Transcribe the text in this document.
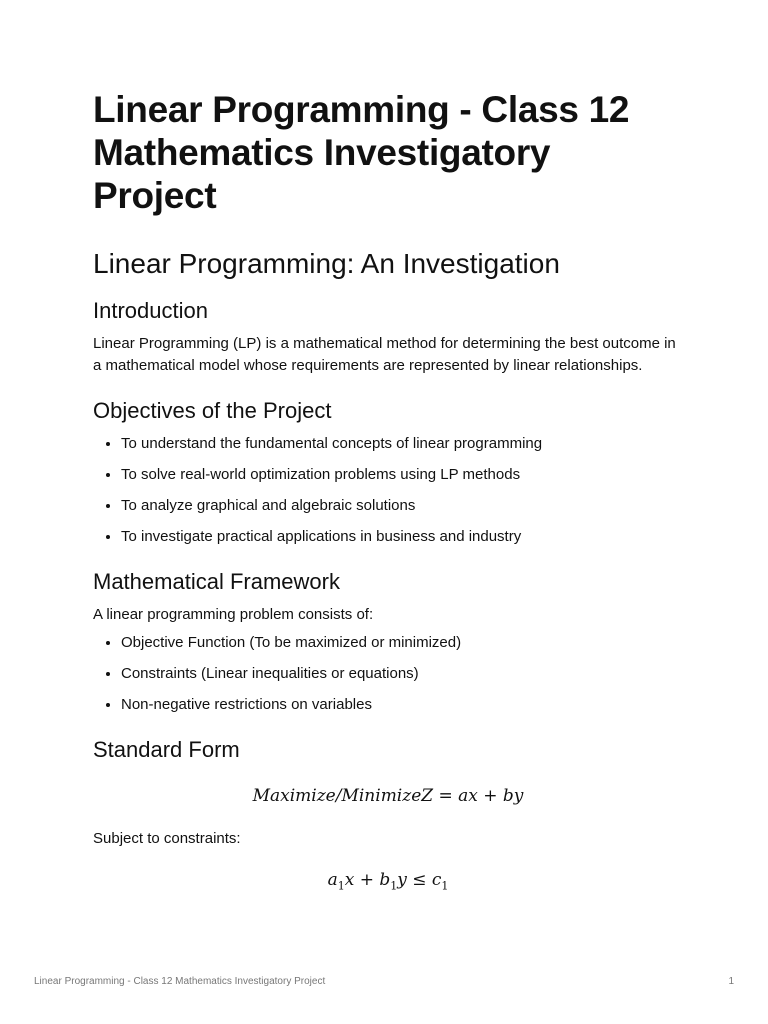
Linear Programming - Class 12 Mathematics Investigatory Project
Linear Programming: An Investigation
Introduction

Linear Programming (LP) is a mathematical method for determining the best outcome in a mathematical model whose requirements are represented by linear relationships.

Objectives of the Project
• To understand the fundamental concepts of linear programming
• To solve real-world optimization problems using LP methods
• To analyze graphical and algebraic solutions
• To investigate practical applications in business and industry
Mathematical Framework

A linear programming problem consists of:

• Objective Function (To be maximized or minimized)
• Constraints (Linear inequalities or equations)
• Non-negative restrictions on variables
Standard Form
Maximize/MinimizeZ = ax + by

Subject to constraints:

$a_1x + b_1y \le c_1$
Linear Programming - Class 12 Mathematics Investigatory Project	1
